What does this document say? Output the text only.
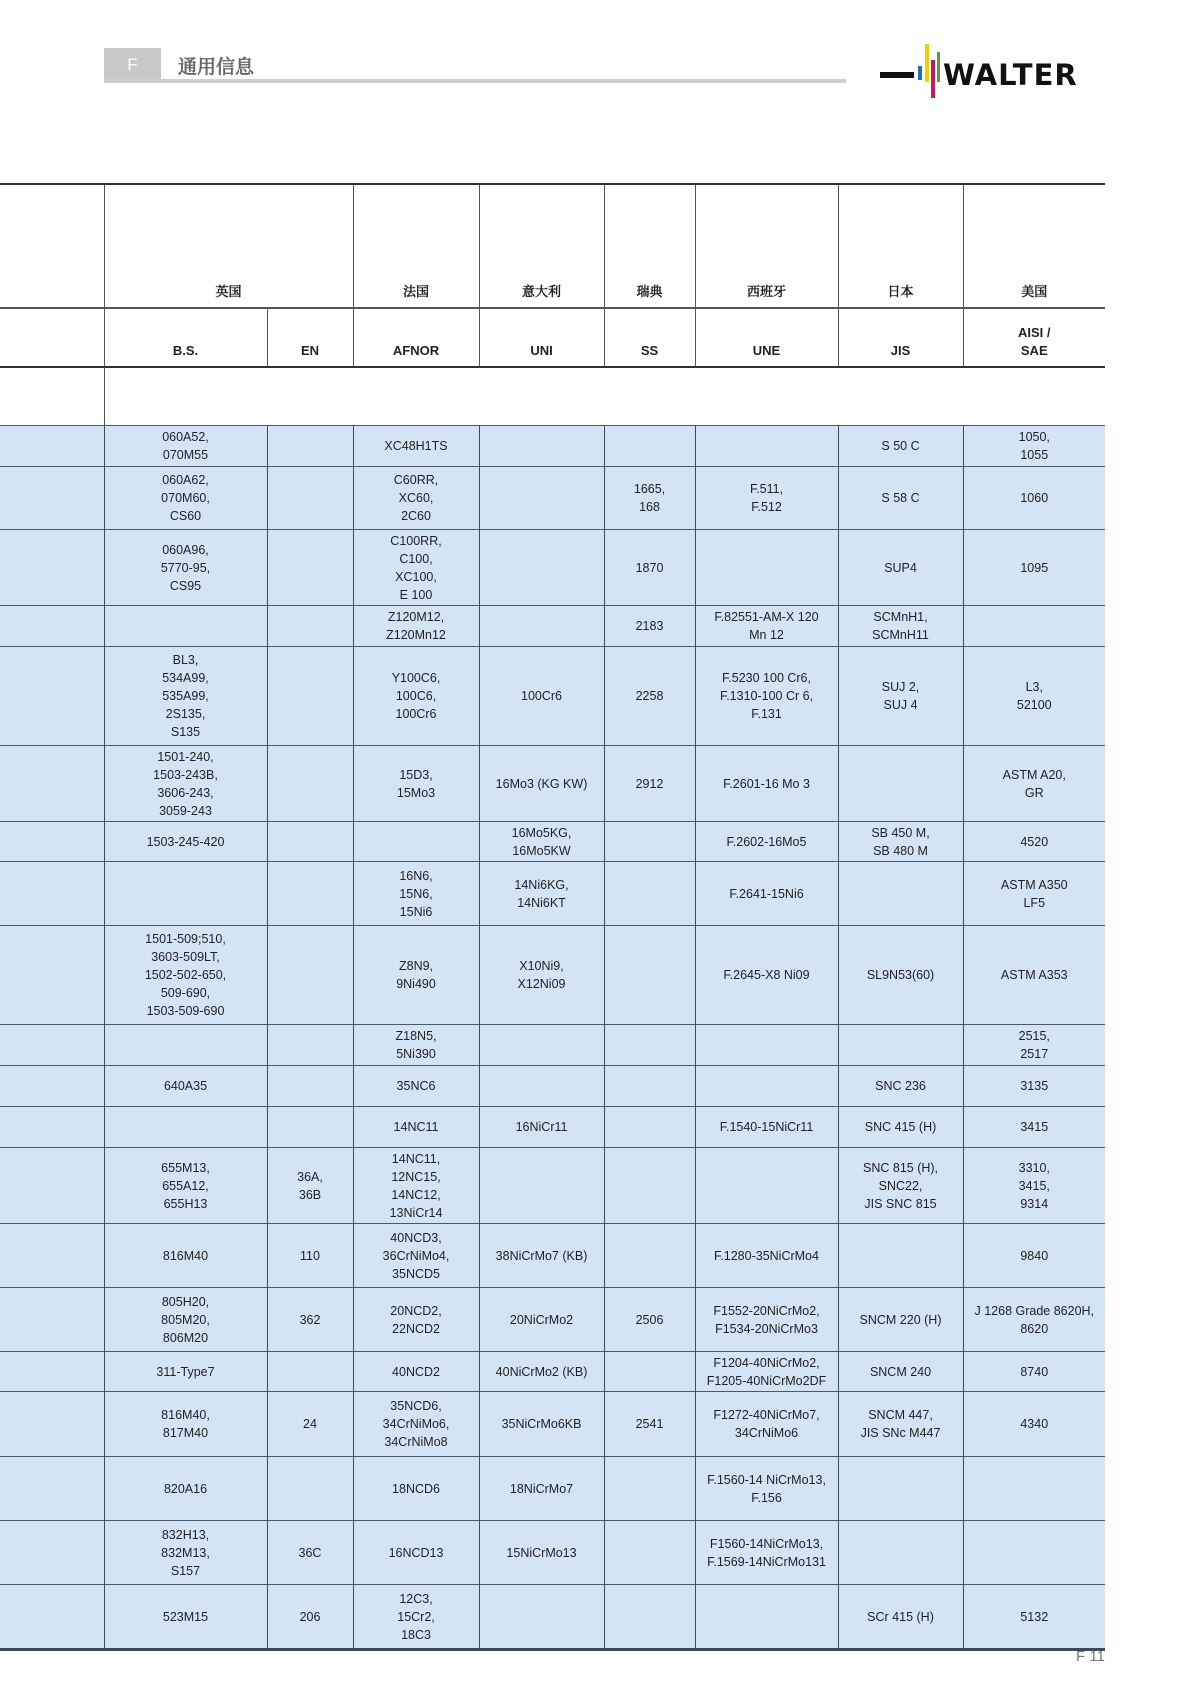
F	通用信息	WALTER
	英国		法国	意大利	瑞典	西班牙	日本	美国
	B.S.	EN	AFNOR	UNI	SS	UNE	JIS	AISI /
SAE

	060A52,
070M55		XC48H1TS				S 50 C	1050,
1055
	060A62,
070M60,
CS60		C60RR,
XC60,
2C60		1665,
168	F.511,
F.512	S 58 C	1060
	060A96,
5770-95,
CS95		C100RR,
C100,
XC100,
E 100		1870		SUP4	1095
			Z120M12,
Z120Mn12		2183	F.82551-AM-X 120
Mn 12	SCMnH1,
SCMnH11	
	BL3,
534A99,
535A99,
2S135,
S135		Y100C6,
100C6,
100Cr6	100Cr6	2258	F.5230 100 Cr6,
F.1310-100 Cr 6,
F.131	SUJ 2,
SUJ 4	L3,
52100
	1501-240,
1503-243B,
3606-243,
3059-243		15D3,
15Mo3	16Mo3 (KG KW)	2912	F.2601-16 Mo 3		ASTM A20,
GR
	1503-245-420			16Mo5KG,
16Mo5KW		F.2602-16Mo5	SB 450 M,
SB 480 M	4520
			16N6,
15N6,
15Ni6	14Ni6KG,
14Ni6KT		F.2641-15Ni6		ASTM A350
LF5
	1501-509;510,
3603-509LT,
1502-502-650,
509-690,
1503-509-690		Z8N9,
9Ni490	X10Ni9,
X12Ni09		F.2645-X8 Ni09	SL9N53(60)	ASTM A353
			Z18N5,
5Ni390					2515,
2517
	640A35		35NC6				SNC 236	3135
			14NC11	16NiCr11		F.1540-15NiCr11	SNC 415 (H)	3415
	655M13,
655A12,
655H13	36A,
36B	14NC11,
12NC15,
14NC12,
13NiCr14				SNC 815 (H),
SNC22,
JIS SNC 815	3310,
3415,
9314
	816M40	110	40NCD3,
36CrNiMo4,
35NCD5	38NiCrMo7 (KB)		F.1280-35NiCrMo4		9840
	805H20,
805M20,
806M20	362	20NCD2,
22NCD2	20NiCrMo2	2506	F1552-20NiCrMo2,
F1534-20NiCrMo3	SNCM 220 (H)	J 1268 Grade 8620H,
8620
	311-Type7		40NCD2	40NiCrMo2 (KB)		F1204-40NiCrMo2,
F1205-40NiCrMo2DF	SNCM 240	8740
	816M40,
817M40	24	35NCD6,
34CrNiMo6,
34CrNiMo8	35NiCrMo6KB	2541	F1272-40NiCrMo7,
34CrNiMo6	SNCM 447,
JIS SNc M447	4340
	820A16		18NCD6	18NiCrMo7		F.1560-14 NiCrMo13,
F.156		
	832H13,
832M13,
S157	36C	16NCD13	15NiCrMo13		F1560-14NiCrMo13,
F.1569-14NiCrMo131		
	523M15	206	12C3,
15Cr2,
18C3				SCr 415 (H)	5132
F 11
